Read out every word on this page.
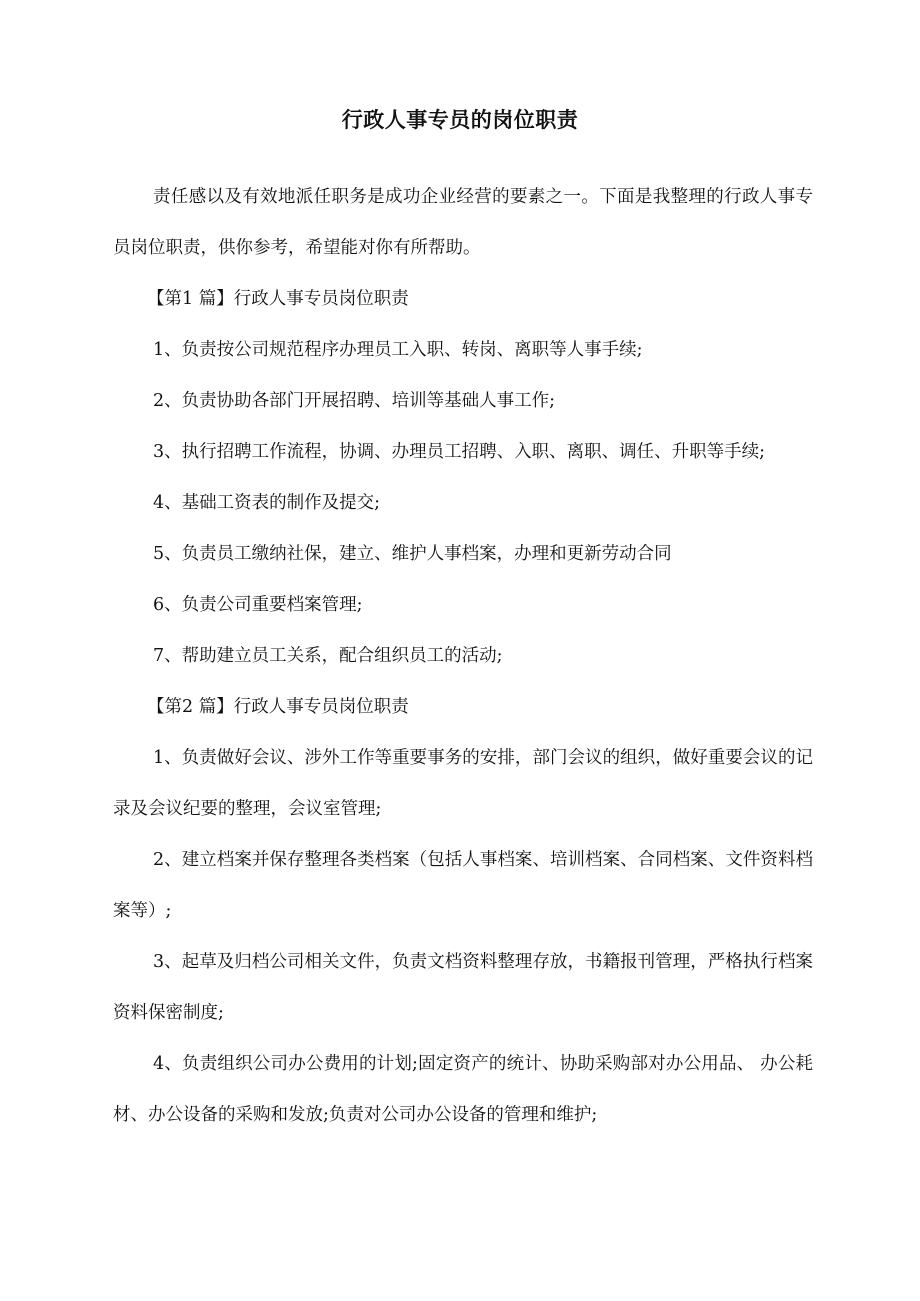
行政人事专员的岗位职责

责任感以及有效地派任职务是成功企业经营的要素之一。下面是我整理的行政人事专员岗位职责，供你参考，希望能对你有所帮助。

【第1 篇】行政人事专员岗位职责

1、负责按公司规范程序办理员工入职、转岗、离职等人事手续;

2、负责协助各部门开展招聘、培训等基础人事工作;

3、执行招聘工作流程，协调、办理员工招聘、入职、离职、调任、升职等手续;

4、基础工资表的制作及提交;

5、负责员工缴纳社保，建立、维护人事档案，办理和更新劳动合同

6、负责公司重要档案管理;

7、帮助建立员工关系，配合组织员工的活动;

【第2 篇】行政人事专员岗位职责

1、负责做好会议、涉外工作等重要事务的安排，部门会议的组织，做好重要会议的记录及会议纪要的整理，会议室管理;

2、建立档案并保存整理各类档案（包括人事档案、培训档案、合同档案、文件资料档案等）;

3、起草及归档公司相关文件，负责文档资料整理存放，书籍报刊管理，严格执行档案资料保密制度;

4、负责组织公司办公费用的计划;固定资产的统计、协助采购部对办公用品、 办公耗材、办公设备的采购和发放;负责对公司办公设备的管理和维护;
